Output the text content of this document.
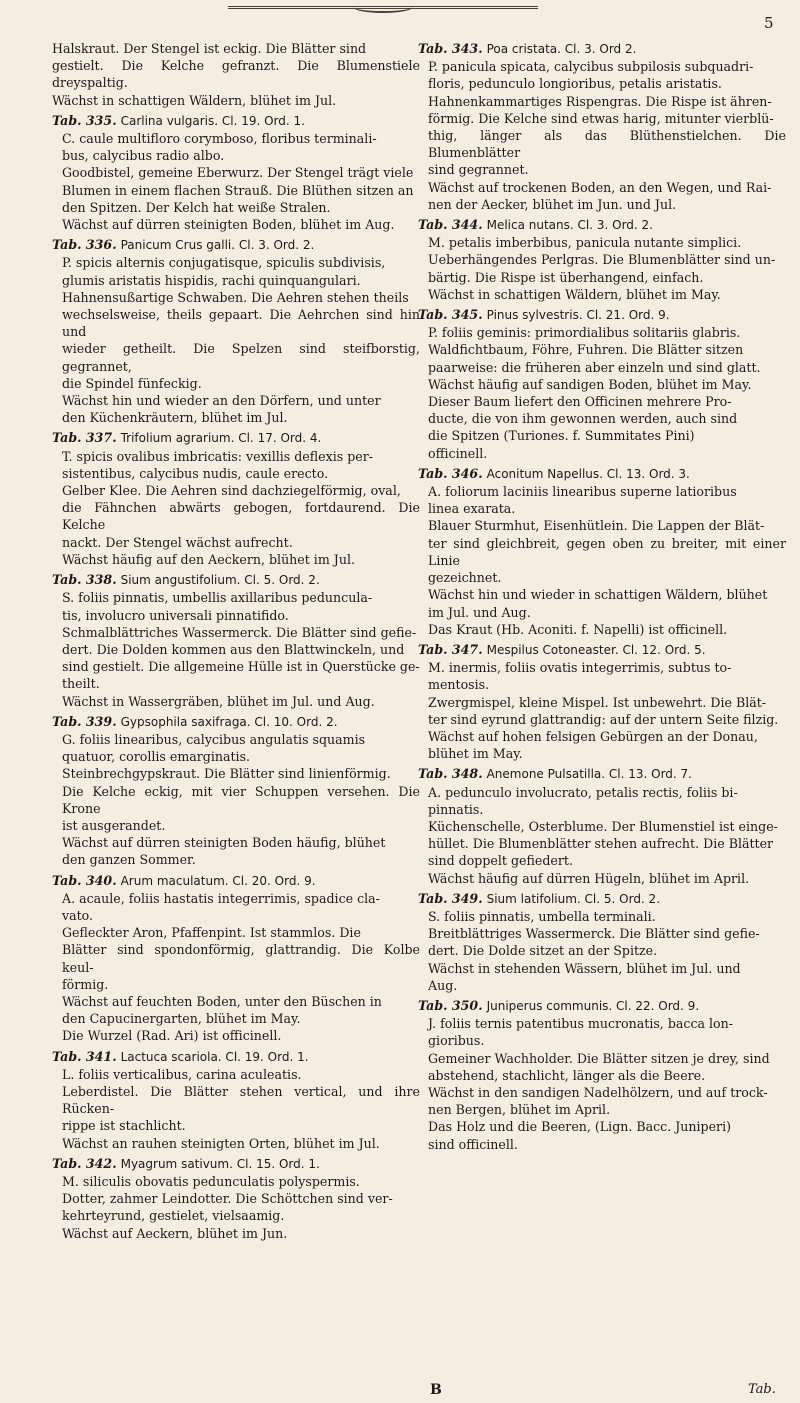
5

Halskraut. Der Stengel ist eckig. Die Blätter sind

gestielt. Die Kelche gefranzt. Die Blumenstiele dreyspaltig.

Wächst in schattigen Wäldern, blühet im Jul.

Tab. 335. Carlina vulgaris. Cl. 19. Ord. 1.

C. caule multifloro corymboso, floribus terminali-

bus, calycibus radio albo.

Goodbistel, gemeine Eberwurz. Der Stengel trägt viele

Blumen in einem flachen Strauß. Die Blüthen sitzen an

den Spitzen. Der Kelch hat weiße Stralen.

Wächst auf dürren steinigten Boden, blühet im Aug.

Tab. 336. Panicum Crus galli. Cl. 3. Ord. 2.

P. spicis alternis conjugatisque, spiculis subdivisis,

glumis aristatis hispidis, rachi quinquangulari.

Hahnensußartige Schwaben. Die Aehren stehen theils

wechselsweise, theils gepaart. Die Aehrchen sind hin und

wieder getheilt. Die Spelzen sind steifborstig, gegrannet,

die Spindel fünfeckig.

Wächst hin und wieder an den Dörfern, und unter

den Küchenkräutern, blühet im Jul.

Tab. 337. Trifolium agrarium. Cl. 17. Ord. 4.

T. spicis ovalibus imbricatis: vexillis deflexis per-

sistentibus, calycibus nudis, caule erecto.

Gelber Klee. Die Aehren sind dachziegelförmig, oval,

die Fähnchen abwärts gebogen, fortdaurend. Die Kelche

nackt. Der Stengel wächst aufrecht.

Wächst häufig auf den Aeckern, blühet im Jul.

Tab. 338. Sium angustifolium. Cl. 5. Ord. 2.

S. foliis pinnatis, umbellis axillaribus peduncula-

tis, involucro universali pinnatifido.

Schmalblättriches Wassermerck. Die Blätter sind gefie-

dert. Die Dolden kommen aus den Blattwinckeln, und

sind gestielt. Die allgemeine Hülle ist in Querstücke ge-

theilt.

Wächst in Wassergräben, blühet im Jul. und Aug.

Tab. 339. Gypsophila saxifraga. Cl. 10. Ord. 2.

G. foliis linearibus, calycibus angulatis squamis

quatuor, corollis emarginatis.

Steinbrechgypskraut. Die Blätter sind linienförmig.

Die Kelche eckig, mit vier Schuppen versehen. Die Krone

ist ausgerandet.

Wächst auf dürren steinigten Boden häufig, blühet

den ganzen Sommer.

Tab. 340. Arum maculatum. Cl. 20. Ord. 9.

A. acaule, foliis hastatis integerrimis, spadice cla-

vato.

Gefleckter Aron, Pfaffenpint. Ist stammlos. Die

Blätter sind spondonförmig, glattrandig. Die Kolbe keul-

förmig.

Wächst auf feuchten Boden, unter den Büschen in

den Capucinergarten, blühet im May.

Die Wurzel (Rad. Ari) ist officinell.

Tab. 341. Lactuca scariola. Cl. 19. Ord. 1.

L. foliis verticalibus, carina aculeatis.

Leberdistel. Die Blätter stehen vertical, und ihre Rücken-

rippe ist stachlicht.

Wächst an rauhen steinigten Orten, blühet im Jul.

Tab. 342. Myagrum sativum. Cl. 15. Ord. 1.

M. siliculis obovatis pedunculatis polyspermis.

Dotter, zahmer Leindotter. Die Schöttchen sind ver-

kehrteyrund, gestielet, vielsaamig.

Wächst auf Aeckern, blühet im Jun.

Tab. 343. Poa cristata. Cl. 3. Ord 2.

P. panicula spicata, calycibus subpilosis subquadri-

floris, pedunculo longioribus, petalis aristatis.

Hahnenkammartiges Rispengras. Die Rispe ist ähren-

förmig. Die Kelche sind etwas harig, mitunter vierblü-

thig, länger als das Blüthenstielchen. Die Blumenblätter

sind gegrannet.

Wächst auf trockenen Boden, an den Wegen, und Rai-

nen der Aecker, blühet im Jun. und Jul.

Tab. 344. Melica nutans. Cl. 3. Ord. 2.

M. petalis imberbibus, panicula nutante simplici.

Ueberhängendes Perlgras. Die Blumenblätter sind un-

bärtig. Die Rispe ist überhangend, einfach.

Wächst in schattigen Wäldern, blühet im May.

Tab. 345. Pinus sylvestris. Cl. 21. Ord. 9.

P. foliis geminis: primordialibus solitariis glabris.

Waldfichtbaum, Föhre, Fuhren. Die Blätter sitzen

paarweise: die früheren aber einzeln und sind glatt.

Wächst häufig auf sandigen Boden, blühet im May.

Dieser Baum liefert den Officinen mehrere Pro-

ducte, die von ihm gewonnen werden, auch sind

die Spitzen (Turiones. f. Summitates Pini)

officinell.

Tab. 346. Aconitum Napellus. Cl. 13. Ord. 3.

A. foliorum laciniis linearibus superne latioribus

linea exarata.

Blauer Sturmhut, Eisenhütlein. Die Lappen der Blät-

ter sind gleichbreit, gegen oben zu breiter, mit einer Linie

gezeichnet.

Wächst hin und wieder in schattigen Wäldern, blühet

im Jul. und Aug.

Das Kraut (Hb. Aconiti. f. Napelli) ist officinell.

Tab. 347. Mespilus Cotoneaster. Cl. 12. Ord. 5.

M. inermis, foliis ovatis integerrimis, subtus to-

mentosis.

Zwergmispel, kleine Mispel. Ist unbewehrt. Die Blät-

ter sind eyrund glattrandig: auf der untern Seite filzig.

Wächst auf hohen felsigen Gebürgen an der Donau,

blühet im May.

Tab. 348. Anemone Pulsatilla. Cl. 13. Ord. 7.

A. pedunculo involucrato, petalis rectis, foliis bi-

pinnatis.

Küchenschelle, Osterblume. Der Blumenstiel ist einge-

hüllet. Die Blumenblätter stehen aufrecht. Die Blätter

sind doppelt gefiedert.

Wächst häufig auf dürren Hügeln, blühet im April.

Tab. 349. Sium latifolium. Cl. 5. Ord. 2.

S. foliis pinnatis, umbella terminali.

Breitblättriges Wassermerck. Die Blätter sind gefie-

dert. Die Dolde sitzet an der Spitze.

Wächst in stehenden Wässern, blühet im Jul. und

Aug.

Tab. 350. Juniperus communis. Cl. 22. Ord. 9.

J. foliis ternis patentibus mucronatis, bacca lon-

gioribus.

Gemeiner Wachholder. Die Blätter sitzen je drey, sind

abstehend, stachlicht, länger als die Beere.

Wächst in den sandigen Nadelhölzern, und auf trock-

nen Bergen, blühet im April.

Das Holz und die Beeren, (Lign. Bacc. Juniperi)

sind officinell.

B	Tab.
